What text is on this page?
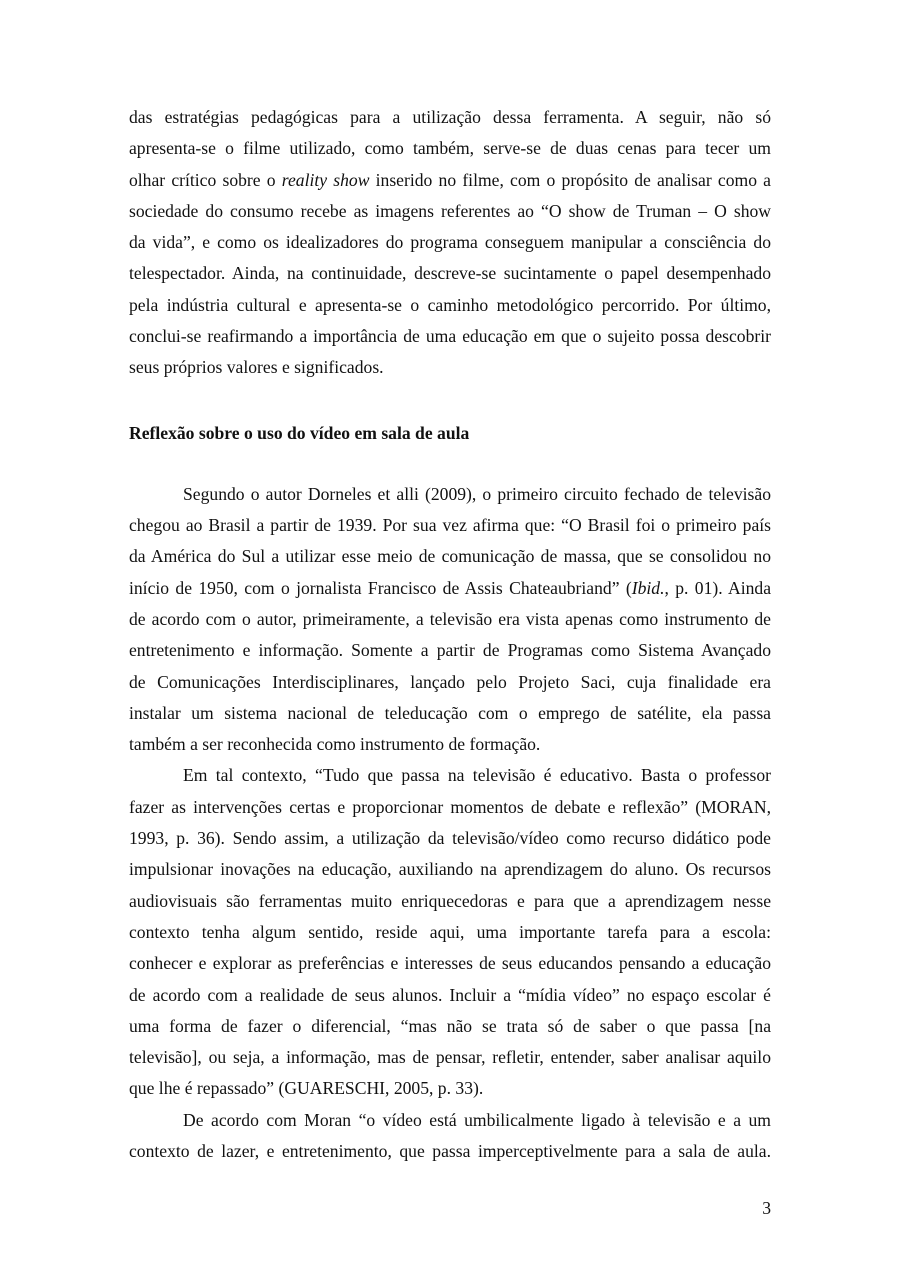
das estratégias pedagógicas para a utilização dessa ferramenta. A seguir, não só
apresenta-se o filme utilizado, como também, serve-se de duas cenas para tecer um
olhar crítico sobre o reality show inserido no filme, com o propósito de analisar como a
sociedade do consumo recebe as imagens referentes ao “O show de Truman – O show
da vida”, e como os idealizadores do programa conseguem manipular a consciência do
telespectador. Ainda, na continuidade, descreve-se sucintamente o papel desempenhado
pela indústria cultural e apresenta-se o caminho metodológico percorrido. Por último,
conclui-se reafirmando a importância de uma educação em que o sujeito possa descobrir
seus próprios valores e significados.
Reflexão sobre o uso do vídeo em sala de aula
Segundo o autor Dorneles et alli (2009), o primeiro circuito fechado de televisão
chegou ao Brasil a partir de 1939. Por sua vez afirma que: “O Brasil foi o primeiro país
da América do Sul a utilizar esse meio de comunicação de massa, que se consolidou no
início de 1950, com o jornalista Francisco de Assis Chateaubriand” (Ibid., p. 01). Ainda
de acordo com o autor, primeiramente, a televisão era vista apenas como instrumento de
entretenimento e informação. Somente a partir de Programas como Sistema Avançado
de Comunicações Interdisciplinares, lançado pelo Projeto Saci, cuja finalidade era
instalar um sistema nacional de teleducação com o emprego de satélite, ela passa
também a ser reconhecida como instrumento de formação.
Em tal contexto, “Tudo que passa na televisão é educativo. Basta o professor
fazer as intervenções certas e proporcionar momentos de debate e reflexão” (MORAN,
1993, p. 36). Sendo assim, a utilização da televisão/vídeo como recurso didático pode
impulsionar inovações na educação, auxiliando na aprendizagem do aluno. Os recursos
audiovisuais são ferramentas muito enriquecedoras e para que a aprendizagem nesse
contexto tenha algum sentido, reside aqui, uma importante tarefa para a escola:
conhecer e explorar as preferências e interesses de seus educandos pensando a educação
de acordo com a realidade de seus alunos. Incluir a “mídia vídeo” no espaço escolar é
uma forma de fazer o diferencial, “mas não se trata só de saber o que passa [na
televisão], ou seja, a informação, mas de pensar, refletir, entender, saber analisar aquilo
que lhe é repassado” (GUARESCHI, 2005, p. 33).
De acordo com Moran “o vídeo está umbilicalmente ligado à televisão e a um
contexto de lazer, e entretenimento, que passa imperceptivelmente para a sala de aula.
3
